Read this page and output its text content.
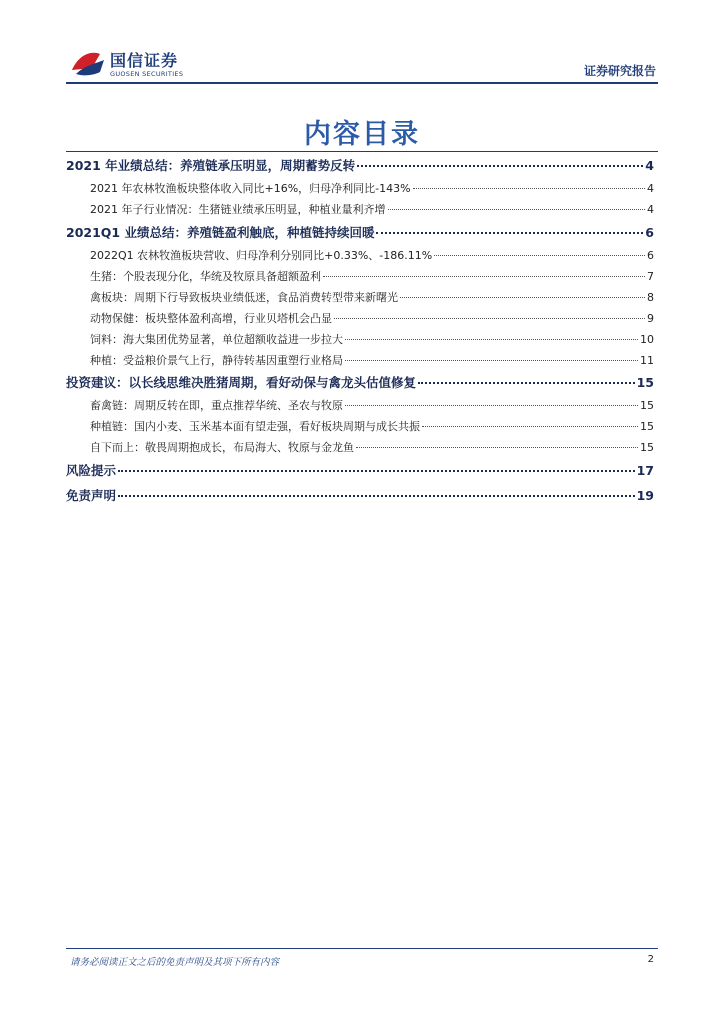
国信证券
GUOSEN SECURITIES	证券研究报告
内容目录
2021 年业绩总结：养殖链承压明显，周期蓄势反转	4
2021 年农林牧渔板块整体收入同比+16%，归母净利同比-143%	4
2021 年子行业情况：生猪链业绩承压明显，种植业量利齐增	4
2021Q1 业绩总结：养殖链盈利触底，种植链持续回暖	6
2022Q1 农林牧渔板块营收、归母净利分别同比+0.33%、-186.11%	6
生猪：个股表现分化，华统及牧原具备超额盈利	7
禽板块：周期下行导致板块业绩低迷，食品消费转型带来新曙光	8
动物保健：板块整体盈利高增，行业贝塔机会凸显	9
饲料：海大集团优势显著，单位超额收益进一步拉大	10
种植：受益粮价景气上行，静待转基因重塑行业格局	11
投资建议：以长线思维决胜猪周期，看好动保与禽龙头估值修复	15
畜禽链：周期反转在即，重点推荐华统、圣农与牧原	15
种植链：国内小麦、玉米基本面有望走强，看好板块周期与成长共振	15
自下而上：敬畏周期抱成长，布局海大、牧原与金龙鱼	15
风险提示	17
免责声明	19
请务必阅读正文之后的免责声明及其项下所有内容	2
